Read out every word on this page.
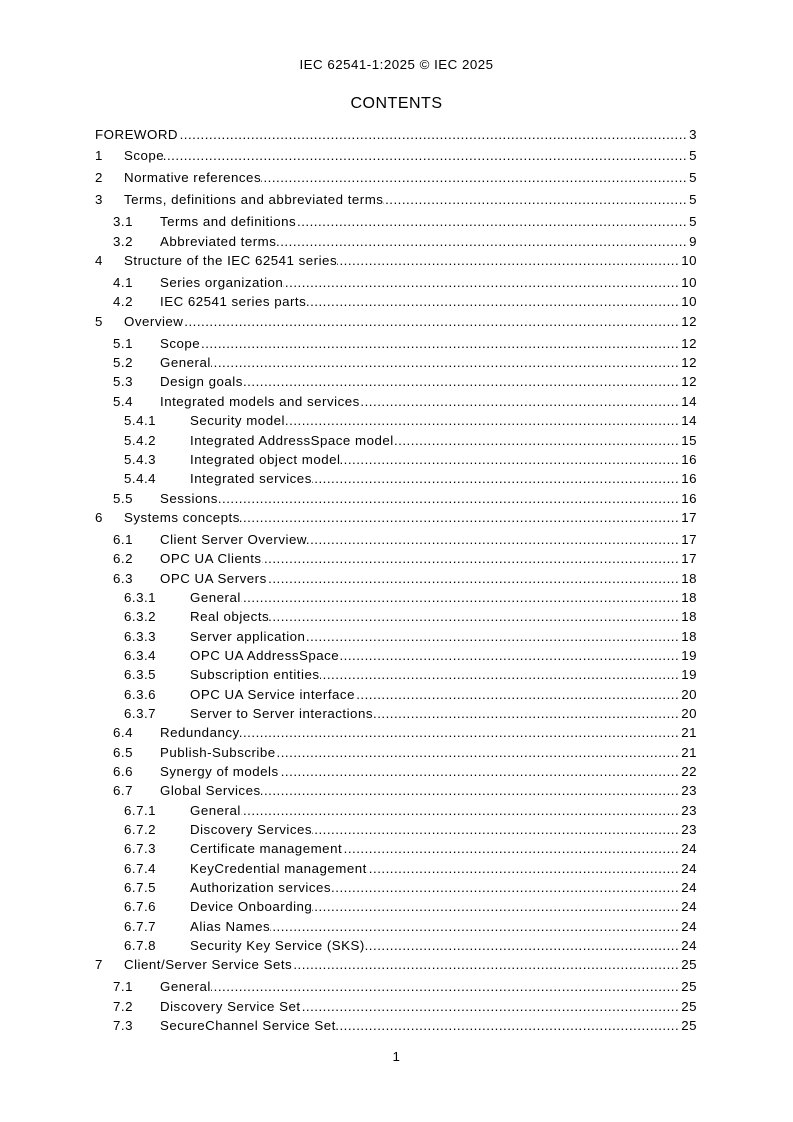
IEC 62541-1:2025 © IEC 2025
CONTENTS
FOREWORD .....	3
1	Scope .....	5
2	Normative references .....	5
3	Terms, definitions and abbreviated terms .....	5
3.1	Terms and definitions .....	5
3.2	Abbreviated terms .....	9
4	Structure of the IEC 62541 series .....	10
4.1	Series organization .....	10
4.2	IEC 62541 series parts .....	10
5	Overview .....	12
5.1	Scope .....	12
5.2	General .....	12
5.3	Design goals .....	12
5.4	Integrated models and services .....	14
5.4.1	Security model .....	14
5.4.2	Integrated AddressSpace model .....	15
5.4.3	Integrated object model .....	16
5.4.4	Integrated services .....	16
5.5	Sessions .....	16
6	Systems concepts .....	17
6.1	Client Server Overview .....	17
6.2	OPC UA Clients .....	17
6.3	OPC UA Servers .....	18
6.3.1	General .....	18
6.3.2	Real objects .....	18
6.3.3	Server application .....	18
6.3.4	OPC UA AddressSpace .....	19
6.3.5	Subscription entities .....	19
6.3.6	OPC UA Service interface .....	20
6.3.7	Server to Server interactions .....	20
6.4	Redundancy .....	21
6.5	Publish-Subscribe .....	21
6.6	Synergy of models .....	22
6.7	Global Services .....	23
6.7.1	General .....	23
6.7.2	Discovery Services .....	23
6.7.3	Certificate management .....	24
6.7.4	KeyCredential management .....	24
6.7.5	Authorization services .....	24
6.7.6	Device Onboarding .....	24
6.7.7	Alias Names .....	24
6.7.8	Security Key Service (SKS) .....	24
7	Client/Server Service Sets .....	25
7.1	General .....	25
7.2	Discovery Service Set .....	25
7.3	SecureChannel Service Set .....	25
1
